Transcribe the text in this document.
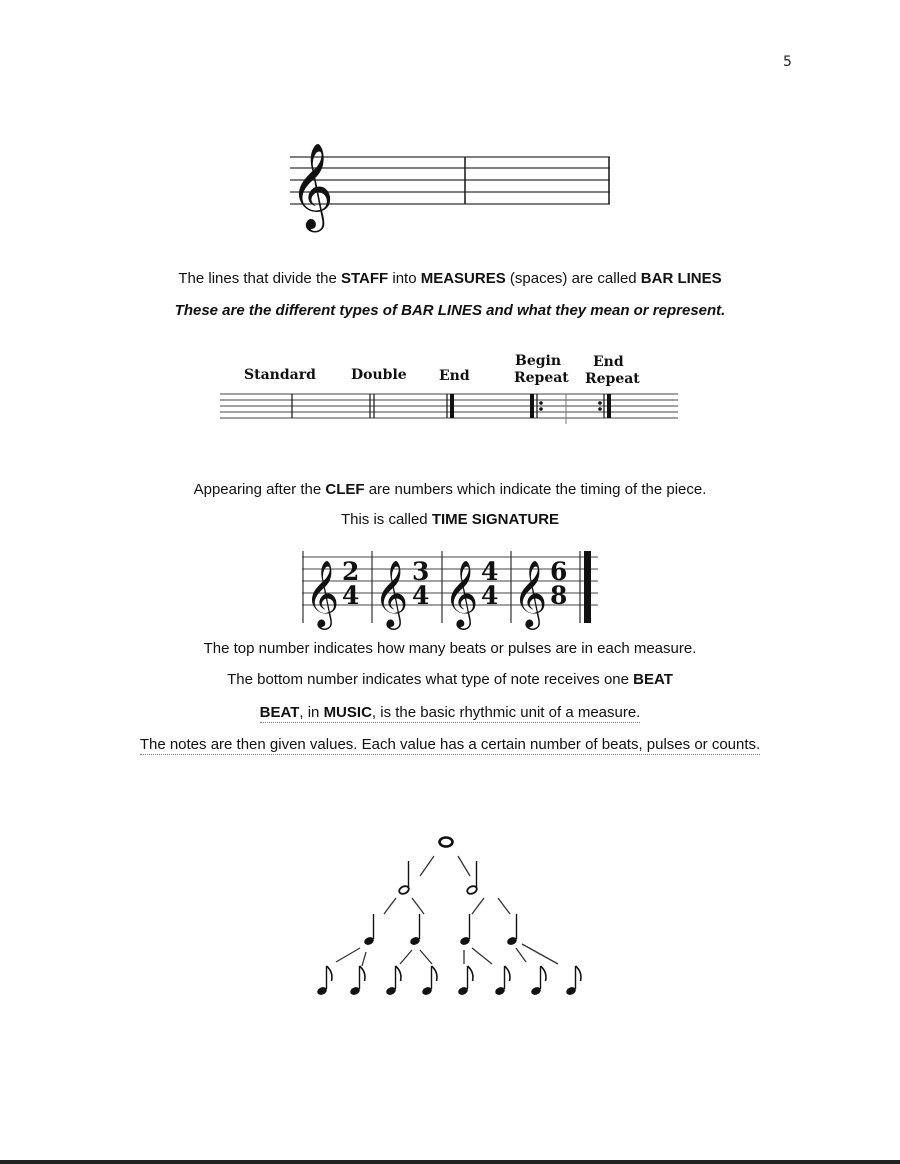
5
𝄞
The lines that divide the STAFF into MEASURES (spaces) are called BAR LINES
These are the different types of BAR LINES and what they mean or represent.
Standard	Double End
Begin
Repeat
End
Repeat
Appearing after the CLEF are numbers which indicate the timing of the piece.
This is called TIME SIGNATURE
𝄞 𝄞 𝄞 𝄞
2
4
3
4
4
4
6
8
The top number indicates how many beats or pulses are in each measure.
The bottom number indicates what type of note receives one BEAT
BEAT, in MUSIC, is the basic rhythmic unit of a measure.
The notes are then given values. Each value has a certain number of beats, pulses or counts.
